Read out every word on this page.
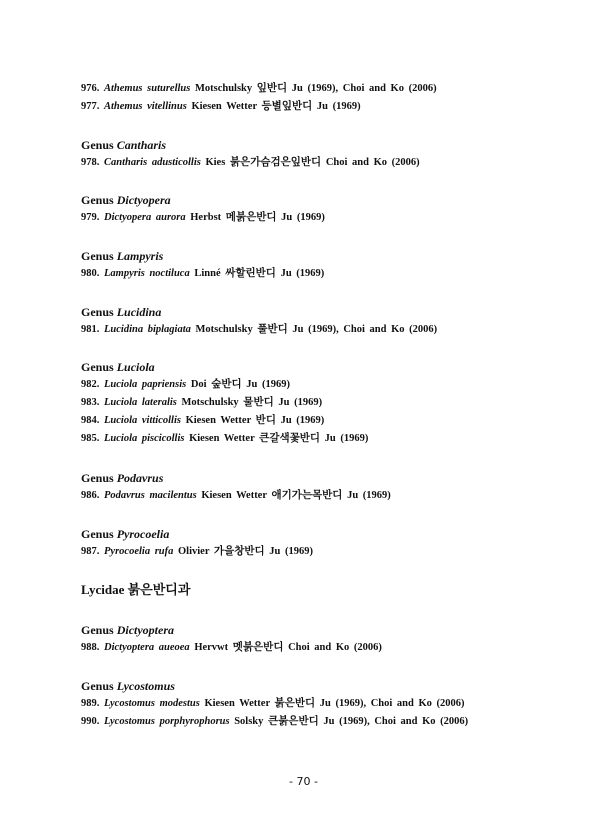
976. Athemus suturellus Motschulsky 잎반디 Ju (1969), Choi and Ko (2006)
977. Athemus vitellinus Kiesen Wetter 등별잎반디 Ju (1969)
Genus Cantharis
978. Cantharis adusticollis Kies 붉은가슴검은잎반디 Choi and Ko (2006)
Genus Dictyopera
979. Dictyopera aurora Herbst 메붉은반디 Ju (1969)
Genus Lampyris
980. Lampyris noctiluca Linné 싸할린반디 Ju (1969)
Genus Lucidina
981. Lucidina biplagiata Motschulsky 풀반디 Ju (1969), Choi and Ko (2006)
Genus Luciola
982. Luciola papriensis Doi 숲반디 Ju (1969)
983. Luciola lateralis Motschulsky 물반디 Ju (1969)
984. Luciola vitticollis Kiesen Wetter 반디 Ju (1969)
985. Luciola piscicollis Kiesen Wetter 큰갈색꽃반디 Ju (1969)
Genus Podavrus
986. Podavrus macilentus Kiesen Wetter 애기가는목반디 Ju (1969)
Genus Pyrocoelia
987. Pyrocoelia rufa Olivier 가을창반디 Ju (1969)
Lycidae 붉은반디과
Genus Dictyoptera
988. Dictyoptera aueoea Hervwt 멧붉은반디 Choi and Ko (2006)
Genus Lycostomus
989. Lycostomus modestus Kiesen Wetter 붉은반디 Ju (1969), Choi and Ko (2006)
990. Lycostomus porphyrophorus Solsky 큰붉은반디 Ju (1969), Choi and Ko (2006)
- 70 -
